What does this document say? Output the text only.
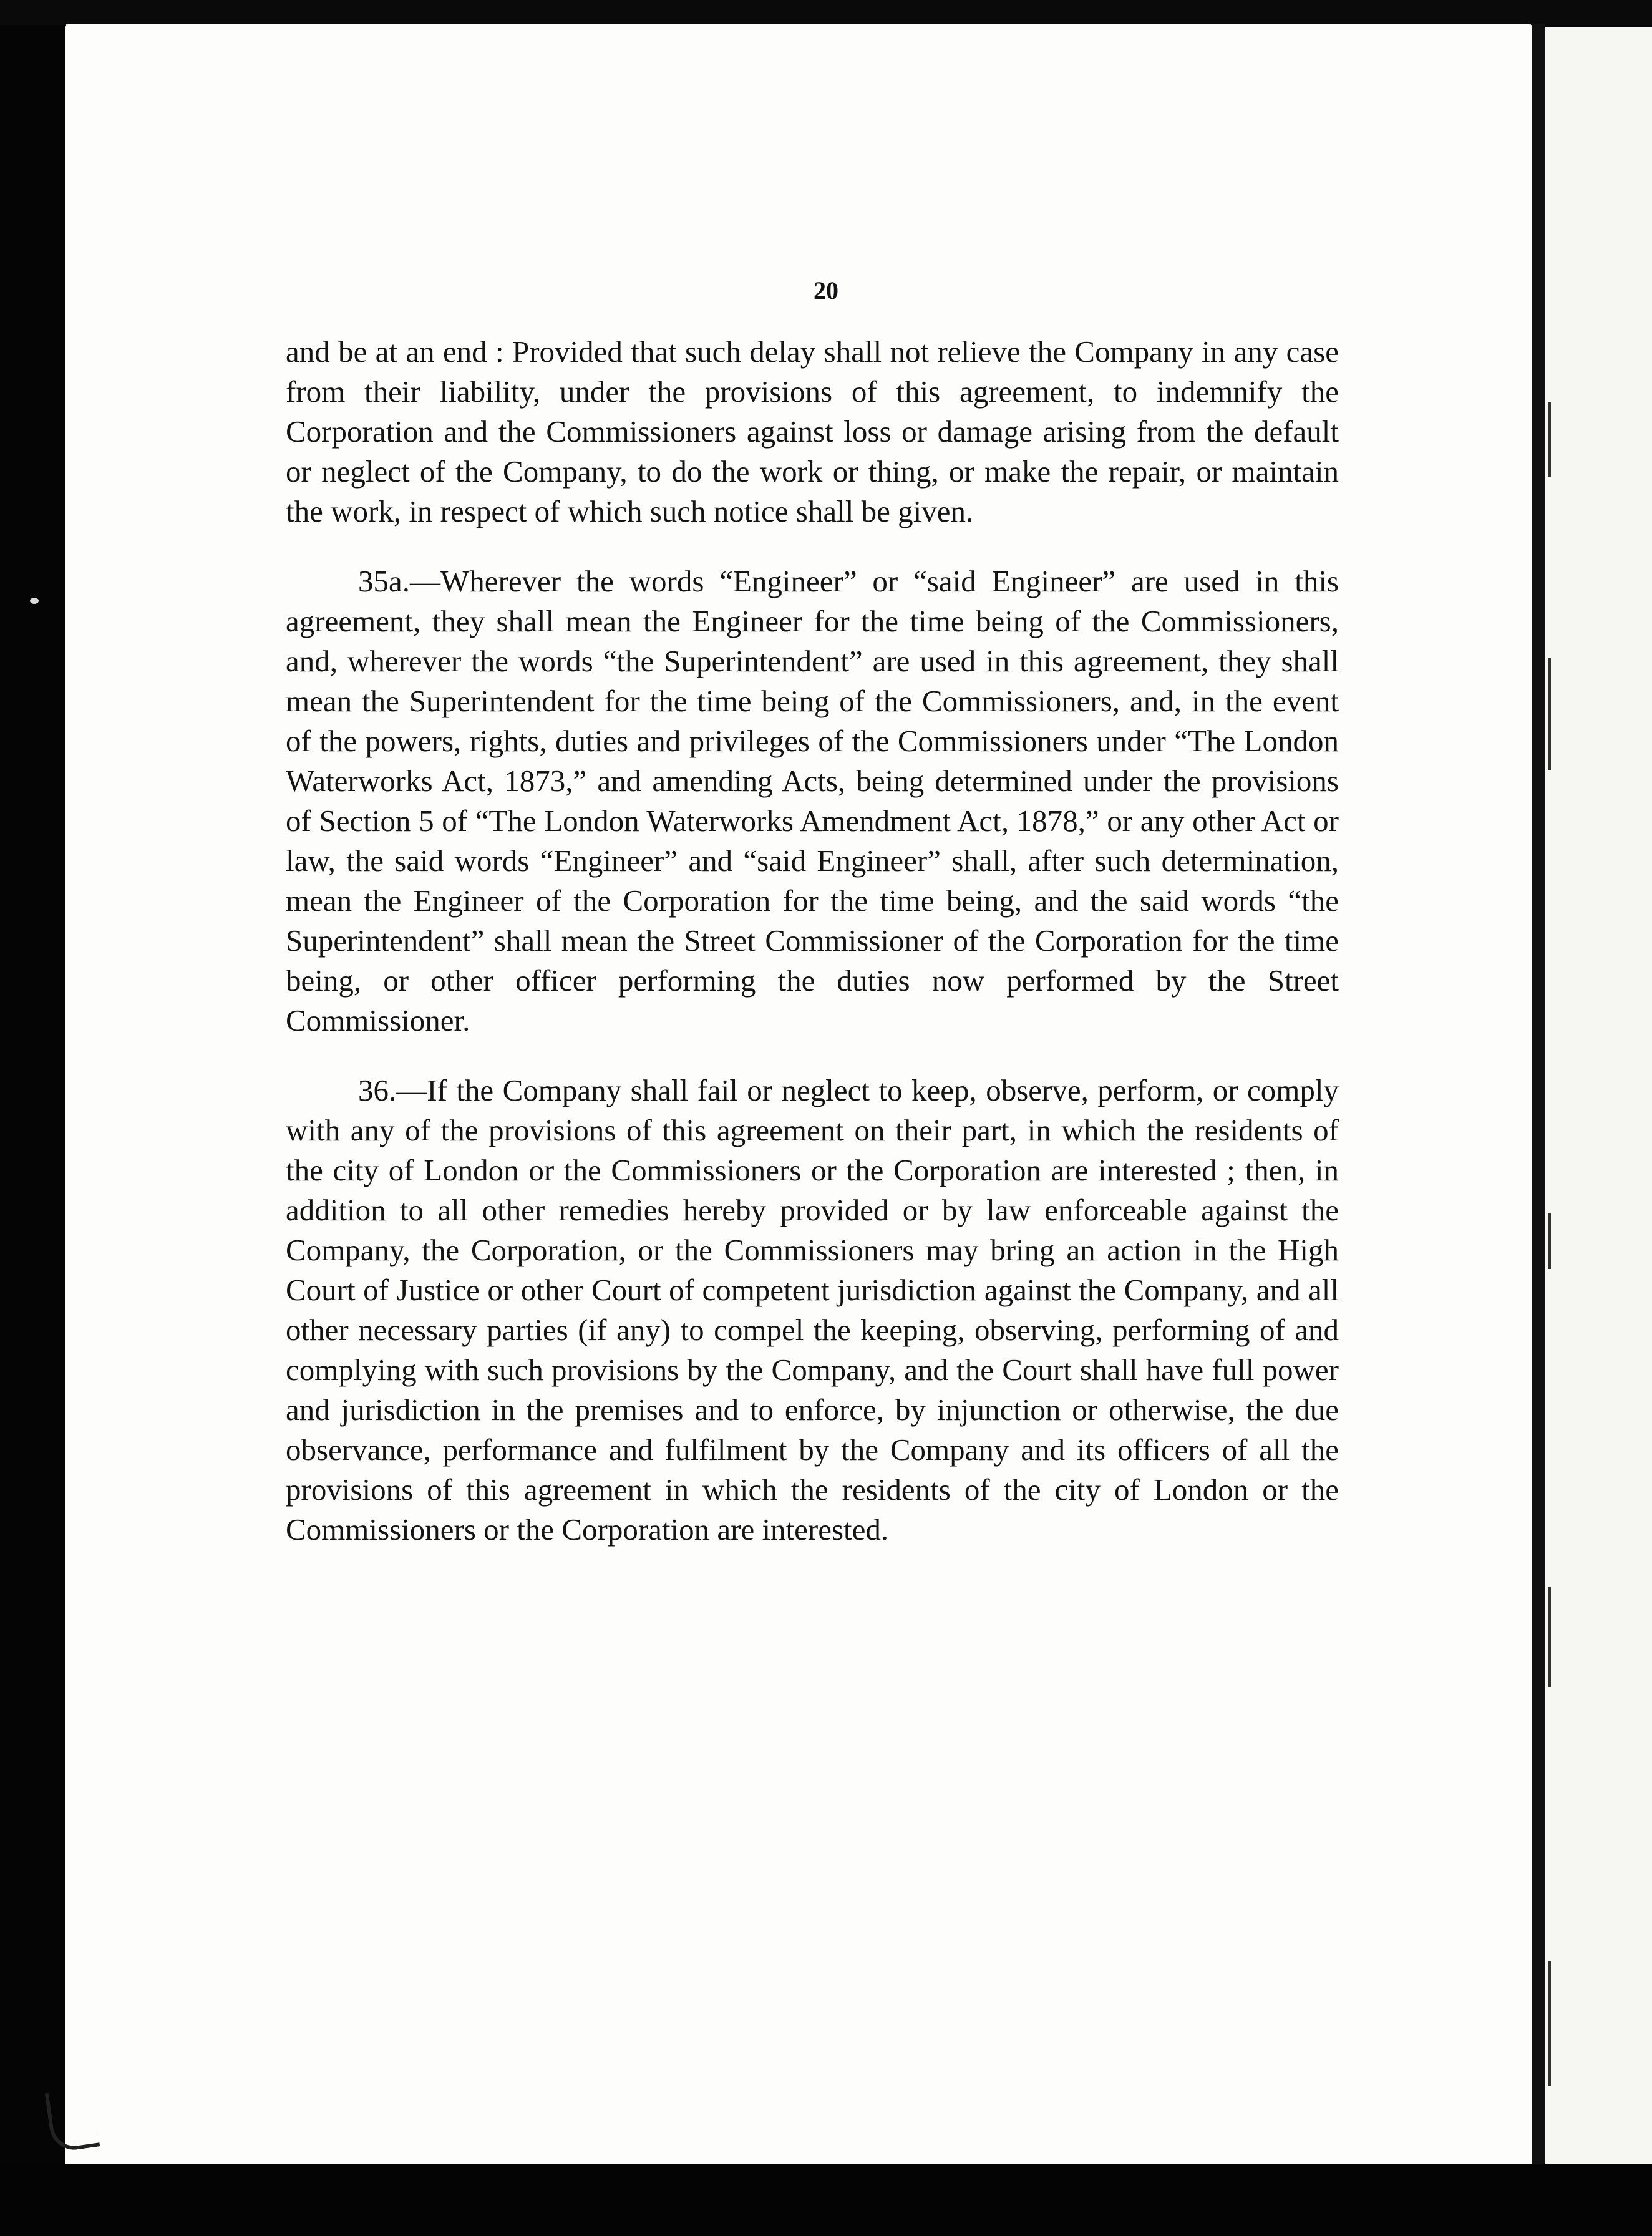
20

and be at an end : Provided that such delay shall not relieve the Company in any case from their liability, under the provisions of this agreement, to indemnify the Corporation and the Commissioners against loss or damage arising from the default or neglect of the Company, to do the work or thing, or make the repair, or maintain the work, in respect of which such notice shall be given.

35a.—Wherever the words “Engineer” or “said Engineer” are used in this agreement, they shall mean the Engineer for the time being of the Commissioners, and, wherever the words “the Superintendent” are used in this agreement, they shall mean the Superintendent for the time being of the Commissioners, and, in the event of the powers, rights, duties and privileges of the Commissioners under “The London Waterworks Act, 1873,” and amending Acts, being determined under the provisions of Section 5 of “The London Waterworks Amendment Act, 1878,” or any other Act or law, the said words “Engineer” and “said Engineer” shall, after such determination, mean the Engineer of the Corporation for the time being, and the said words “the Superintendent” shall mean the Street Commissioner of the Corporation for the time being, or other officer performing the duties now performed by the Street Commissioner.

36.—If the Company shall fail or neglect to keep, observe, perform, or comply with any of the provisions of this agreement on their part, in which the residents of the city of London or the Commissioners or the Corporation are interested ; then, in addition to all other remedies hereby provided or by law enforceable against the Company, the Corporation, or the Commissioners may bring an action in the High Court of Justice or other Court of competent jurisdiction against the Company, and all other necessary parties (if any) to compel the keeping, observing, performing of and complying with such provisions by the Company, and the Court shall have full power and jurisdiction in the premises and to enforce, by injunction or otherwise, the due observance, performance and fulfilment by the Company and its officers of all the provisions of this agreement in which the residents of the city of London or the Commissioners or the Corporation are interested.
